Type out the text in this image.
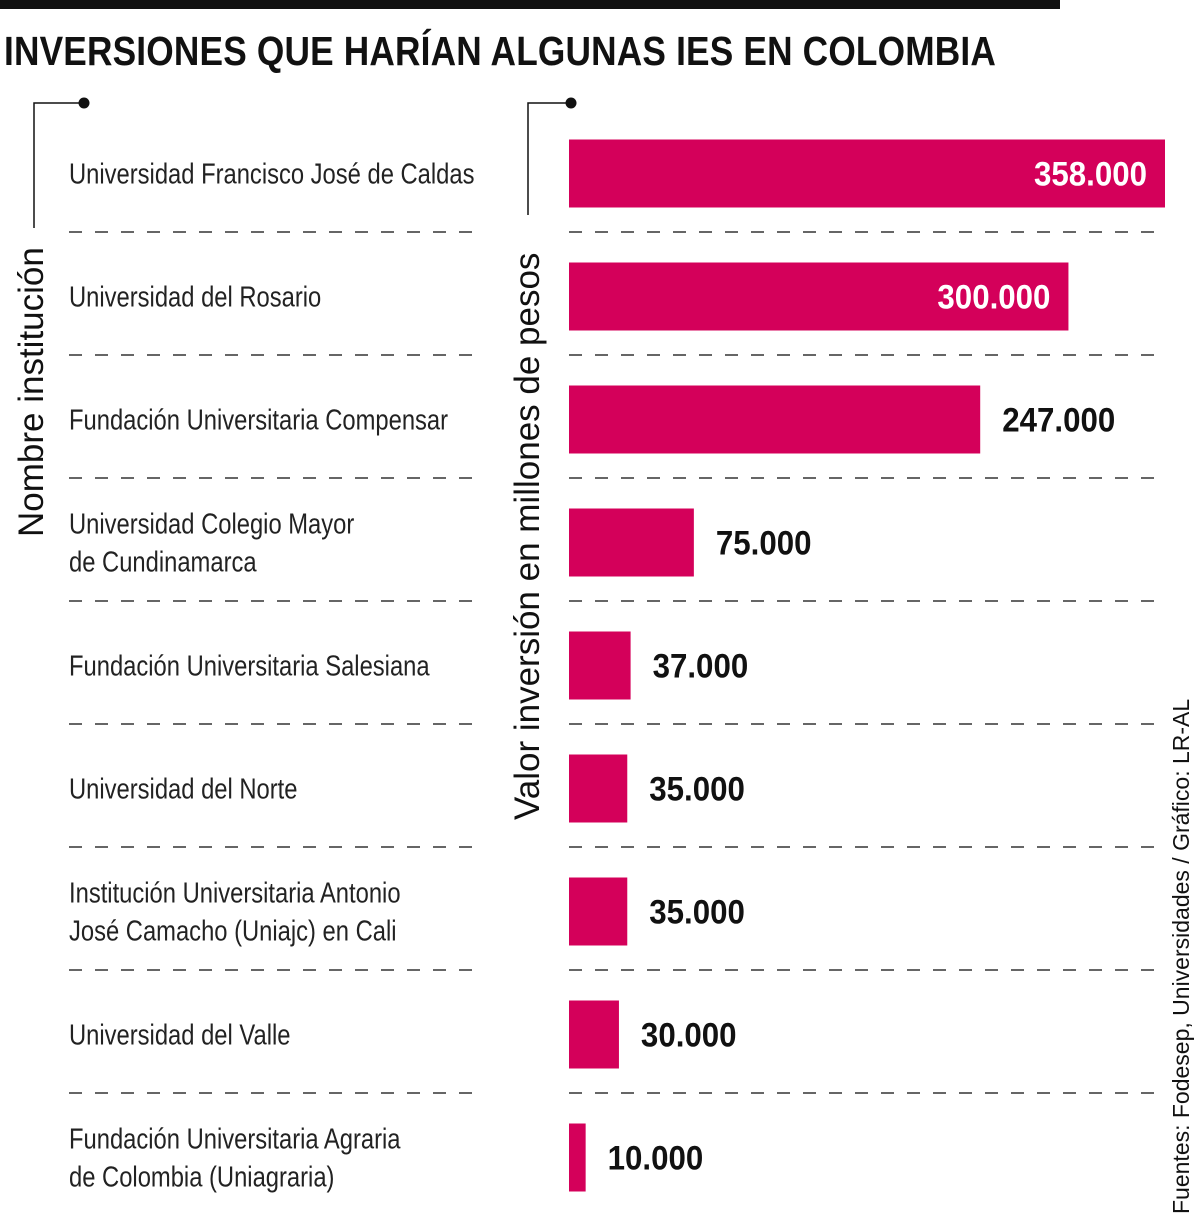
INVERSIONES QUE HARÍAN ALGUNAS IES EN COLOMBIA
Nombre institución	Valor inversión en millones de pesos
Fuentes: Fodesep, Universidades / Gráfico: LR-AL
Universidad Francisco José de Caldas
Universidad del Rosario
Fundación Universitaria Compensar
Universidad Colegio Mayor de Cundinamarca
Fundación Universitaria Salesiana
Universidad del Norte
Institución Universitaria Antonio José Camacho (Uniajc) en Cali
Universidad del Valle
Fundación Universitaria Agraria de Colombia (Uniagraria)
358.000
300.000
247.000
75.000
37.000
35.000
35.000
30.000
10.000
